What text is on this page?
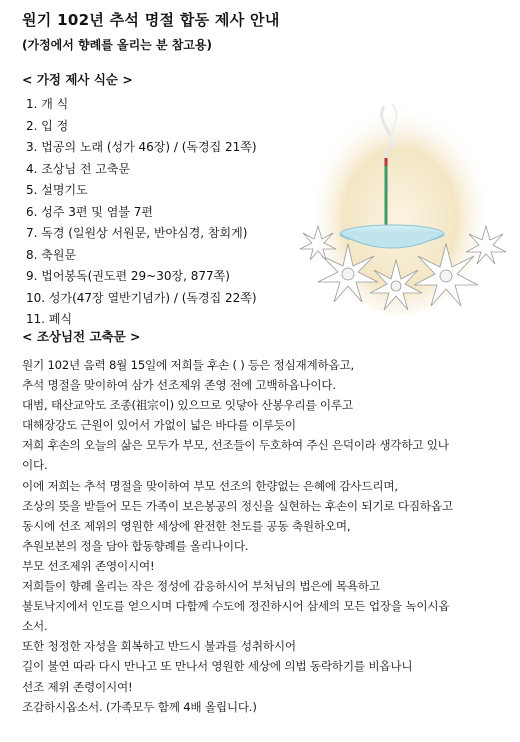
원기 102년 추석 명절 합동 제사 안내
(가정에서 향례를 올리는 분 참고용)
< 가정 제사 식순 >
1. 개 식
2. 입 정
3. 법공의 노래 (성가 46장) / (독경집 21쪽)
4. 조상님 전 고축문
5. 설명기도
6. 성주 3편 및 염불 7편
7. 독경 (일원상 서원문, 반야심경, 참회게)
8. 축원문
9. 법어봉독(권도편 29~30장, 877쪽)
10. 성가(47장 열반기념가) / (독경집 22쪽)
11. 폐식
< 조상님전 고축문 >

원기 102년 음력 8월 15일에 저희들 후손 ( ) 등은 정심재계하옵고,

추석 명절을 맞이하여 삼가 선조제위 존영 전에 고백하옵나이다.

대범, 태산교악도 조종(祖宗이) 있으므로 잇닿아 산봉우리를 이루고

대해장강도 근원이 있어서 가없이 넓은 바다를 이루듯이

저희 후손의 오늘의 삶은 모두가 부모, 선조들이 두호하여 주신 은덕이라 생각하고 있나

이다.

이에 저희는 추석 명절을 맞이하여 부모 선조의 한량없는 은혜에 감사드리며,

조상의 뜻을 받들어 모든 가족이 보은봉공의 정신을 실현하는 후손이 되기로 다짐하옵고

동시에 선조 제위의 영원한 세상에 완전한 천도를 공동 축원하오며,

추원보본의 정을 담아 합동향례를 올리나이다.

부모 선조제위 존영이시여!

저희들이 향례 올리는 작은 정성에 감응하시어 부처님의 법은에 목욕하고

불토낙지에서 인도를 얻으시며 다함께 수도에 정진하시어 삼세의 모든 업장을 녹이시옵

소서.

또한 청정한 자성을 회복하고 반드시 불과를 성취하시어

길이 불연 따라 다시 만나고 또 만나서 영원한 세상에 의법 동락하기를 비옵나니

선조 제위 존령이시여!

조감하시옵소서. (가족모두 함께 4배 올립니다.)
